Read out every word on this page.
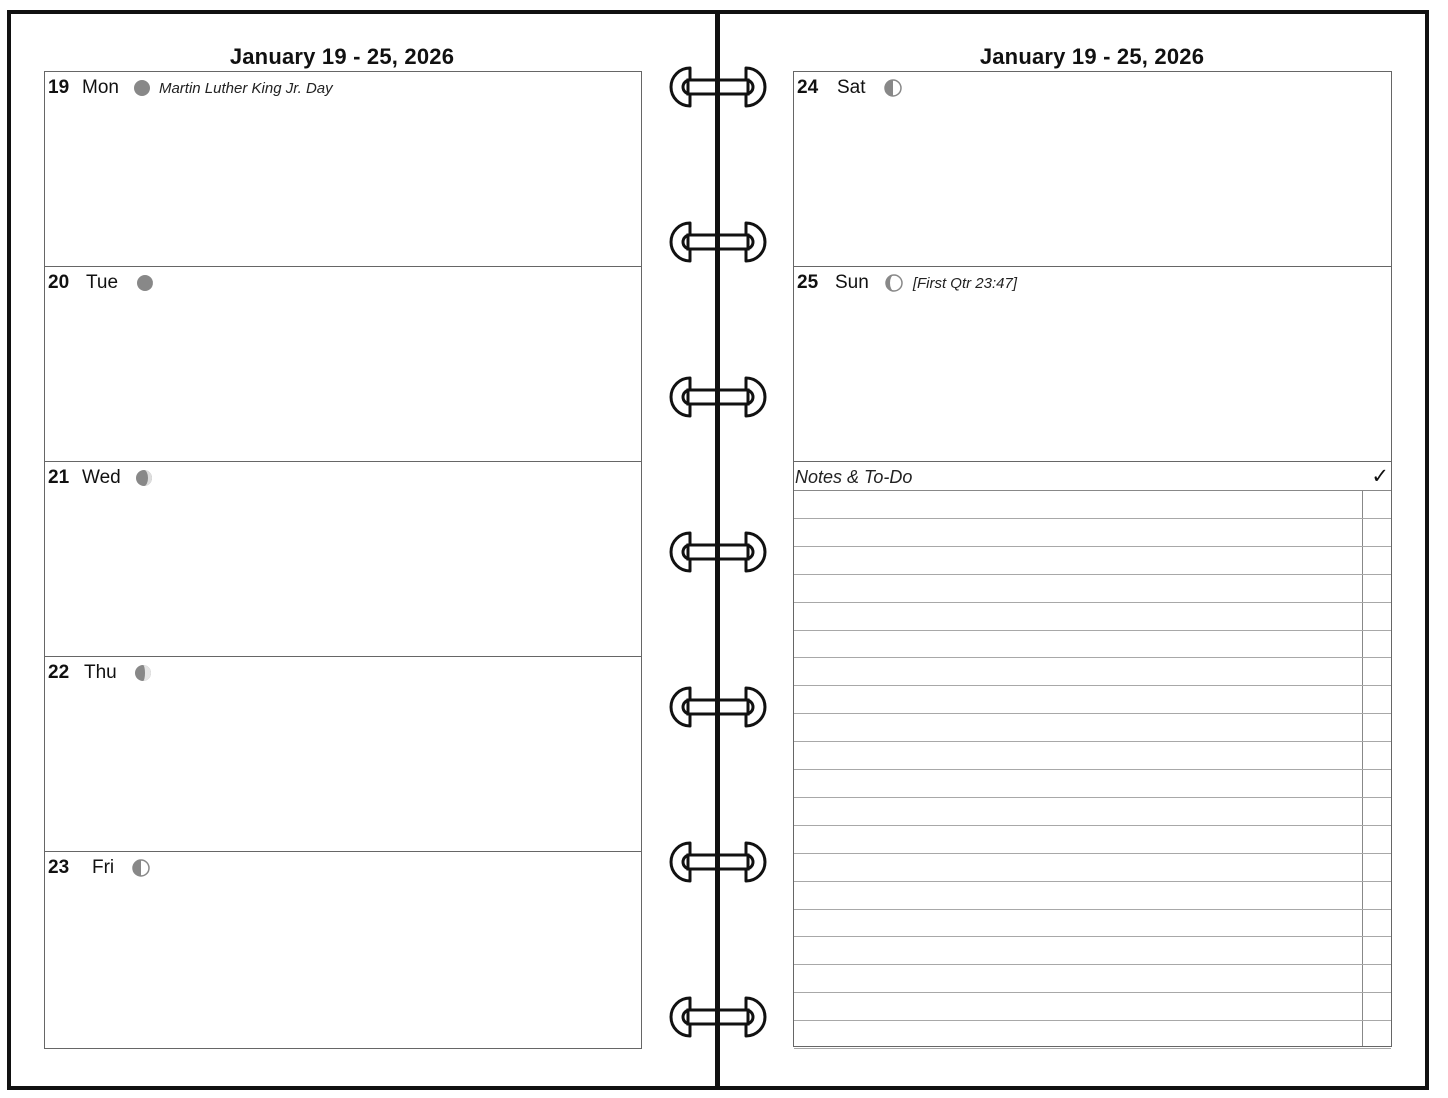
January 19 - 25, 2026
19 Mon	Martin Luther King Jr. Day
20 Tue
21 Wed
22 Thu
23	Fri
January 19 - 25, 2026
24 Sat
25 Sun	[First Qtr 23:47]
Notes & To-Do	✓
